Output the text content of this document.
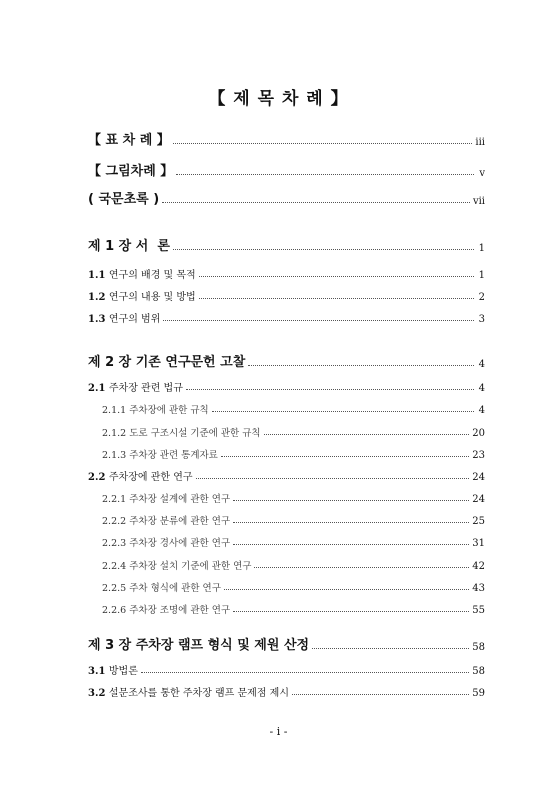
【 제 목 차 례 】
【 표 차 례 】	iii
【 그림차례 】	v
( 국문초록 )	vii
제 1 장 서  론	1
1.1 연구의 배경 및 목적	1
1.2 연구의 내용 및 방법	2
1.3 연구의 범위	3
제 2 장 기존 연구문헌 고찰	4
2.1 주차장 관련 법규	4
2.1.1 주차장에 관한 규칙	4
2.1.2 도로 구조시설 기준에 관한 규칙	20
2.1.3 주차장 관련 통계자료	23
2.2 주차장에 관한 연구	24
2.2.1 주차장 설계에 관한 연구	24
2.2.2 주차장 분류에 관한 연구	25
2.2.3 주차장 경사에 관한 연구	31
2.2.4 주차장 설치 기준에 관한 연구	42
2.2.5 주차 형식에 관한 연구	43
2.2.6 주차장 조명에 관한 연구	55
제 3 장 주차장 램프 형식 및 제원 산정	58
3.1 방법론	58
3.2 설문조사를 통한 주차장 램프 문제점 제시	59
- i -
